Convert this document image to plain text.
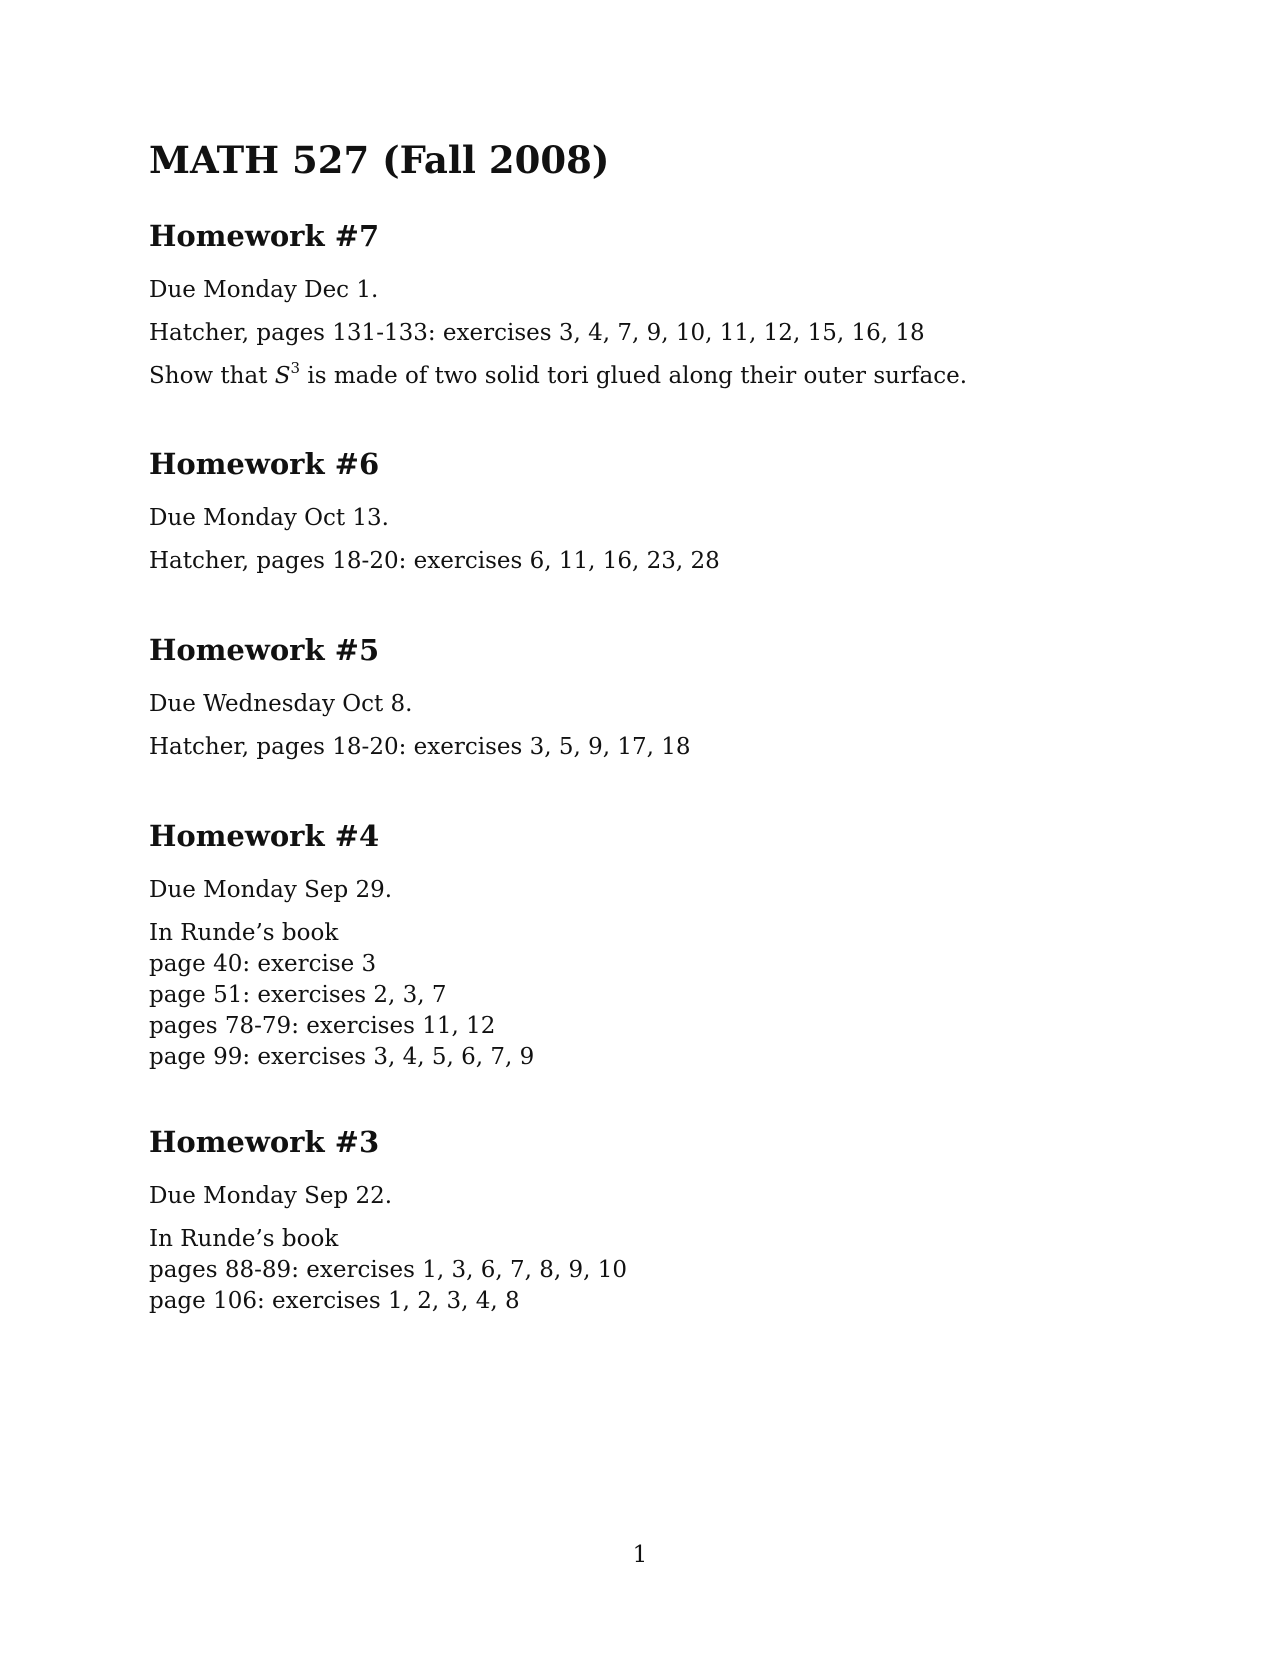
MATH 527 (Fall 2008)
Homework #7

Due Monday Dec 1.

Hatcher, pages 131-133: exercises 3, 4, 7, 9, 10, 11, 12, 15, 16, 18

Show that $S^3$ is made of two solid tori glued along their outer surface.

Homework #6

Due Monday Oct 13.

Hatcher, pages 18-20: exercises 6, 11, 16, 23, 28

Homework #5

Due Wednesday Oct 8.

Hatcher, pages 18-20: exercises 3, 5, 9, 17, 18

Homework #4

Due Monday Sep 29.

In Runde’s book

page 40: exercise 3

page 51: exercises 2, 3, 7

pages 78-79: exercises 11, 12

page 99: exercises 3, 4, 5, 6, 7, 9

Homework #3

Due Monday Sep 22.

In Runde’s book

pages 88-89: exercises 1, 3, 6, 7, 8, 9, 10

page 106: exercises 1, 2, 3, 4, 8

1
